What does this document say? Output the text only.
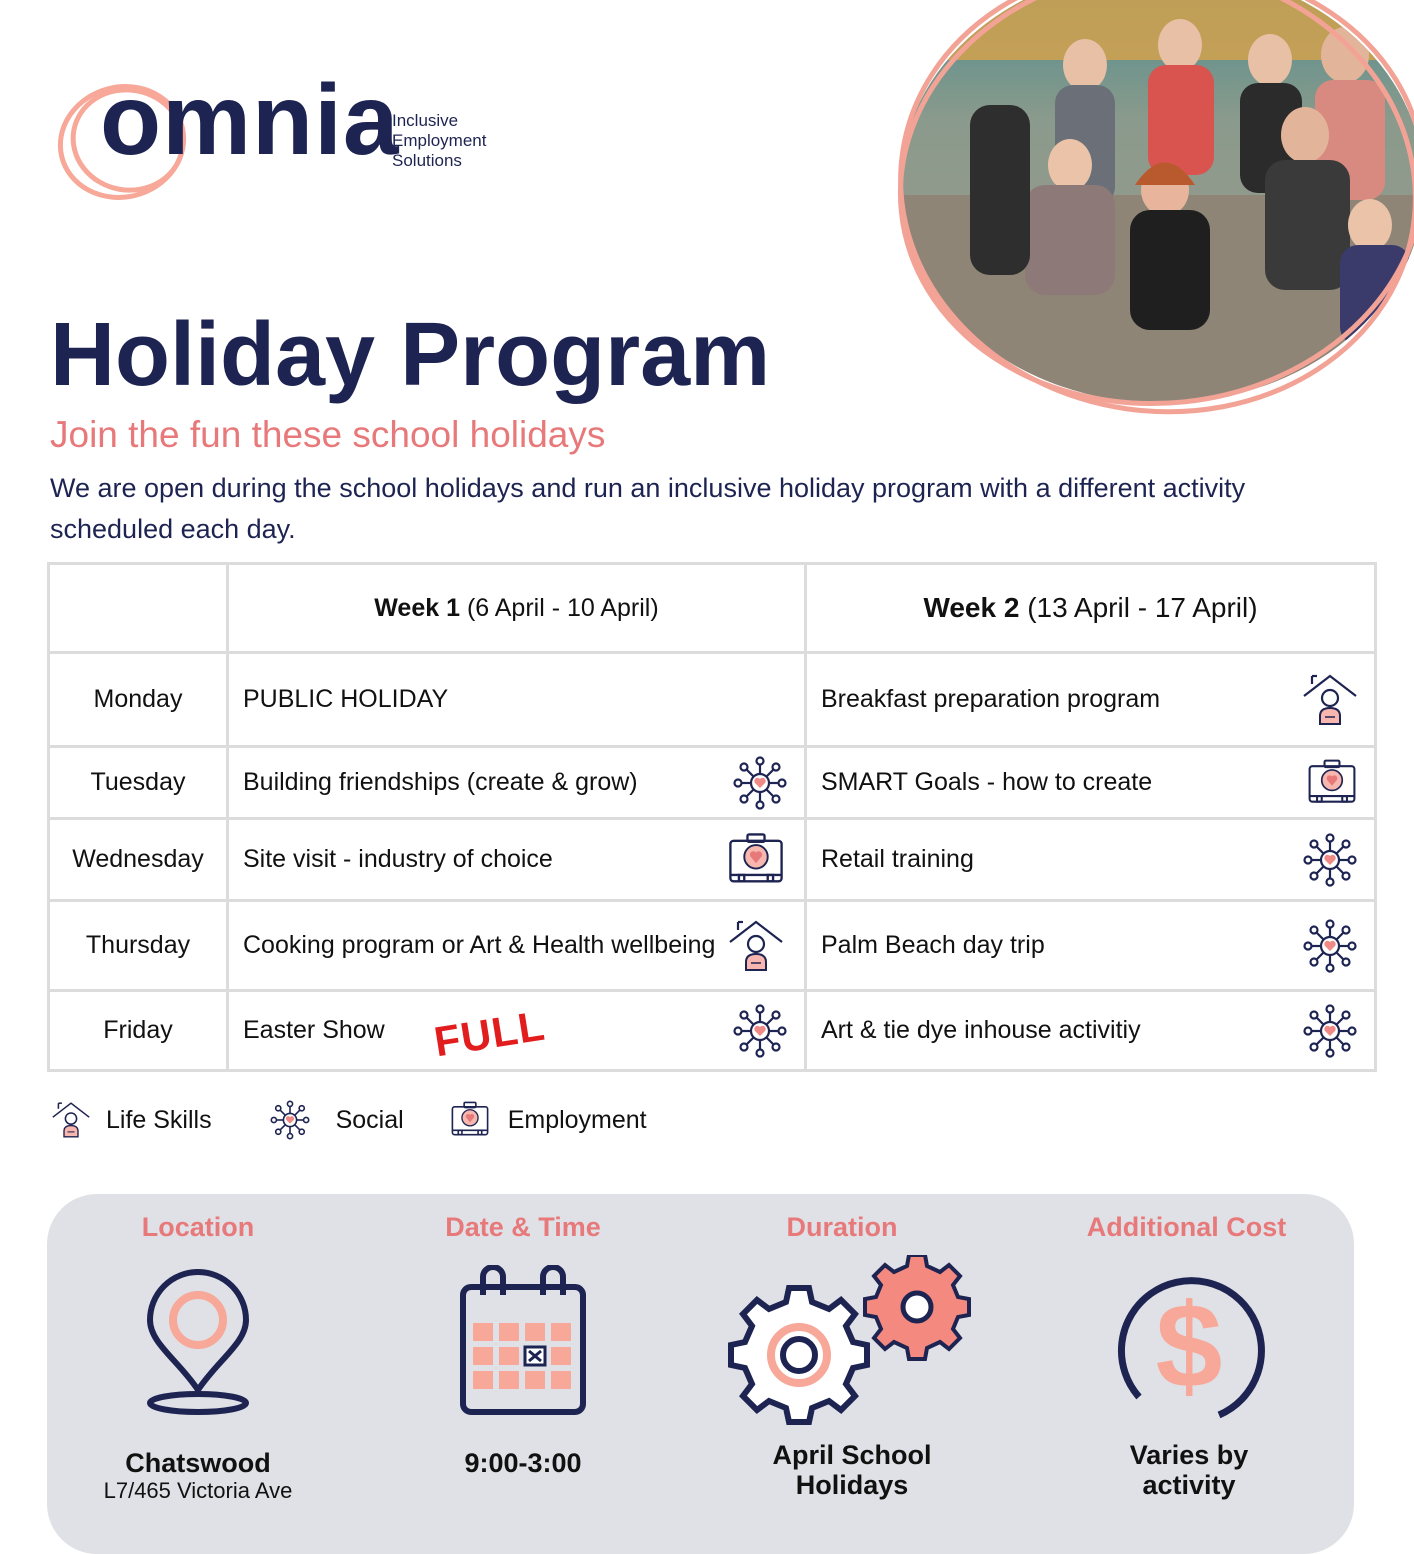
omnia
Inclusive
Employment
Solutions
Holiday Program
Join the fun these school holidays
We are open during the school holidays and run an inclusive holiday program with a different activity scheduled each day.
	Week 1 (6 April - 10 April)	Week 2 (13 April - 17 April)
Monday	PUBLIC HOLIDAY	Breakfast preparation program

Tuesday	Building friendships (create & grow)	SMART Goals - how to create

Wednesday	Site visit - industry of choice	Retail training

Thursday	Cooking program or Art & Health wellbeing	Palm Beach day trip

Friday	Easter Show FULL	Art & tie dye inhouse activitiy
Life Skills	Social	Employment
Location
Chatswood
L7/465 Victoria Ave
Date & Time
9:00-3:00
Duration
April School
Holidays
Additional Cost
$
Varies by
activity
